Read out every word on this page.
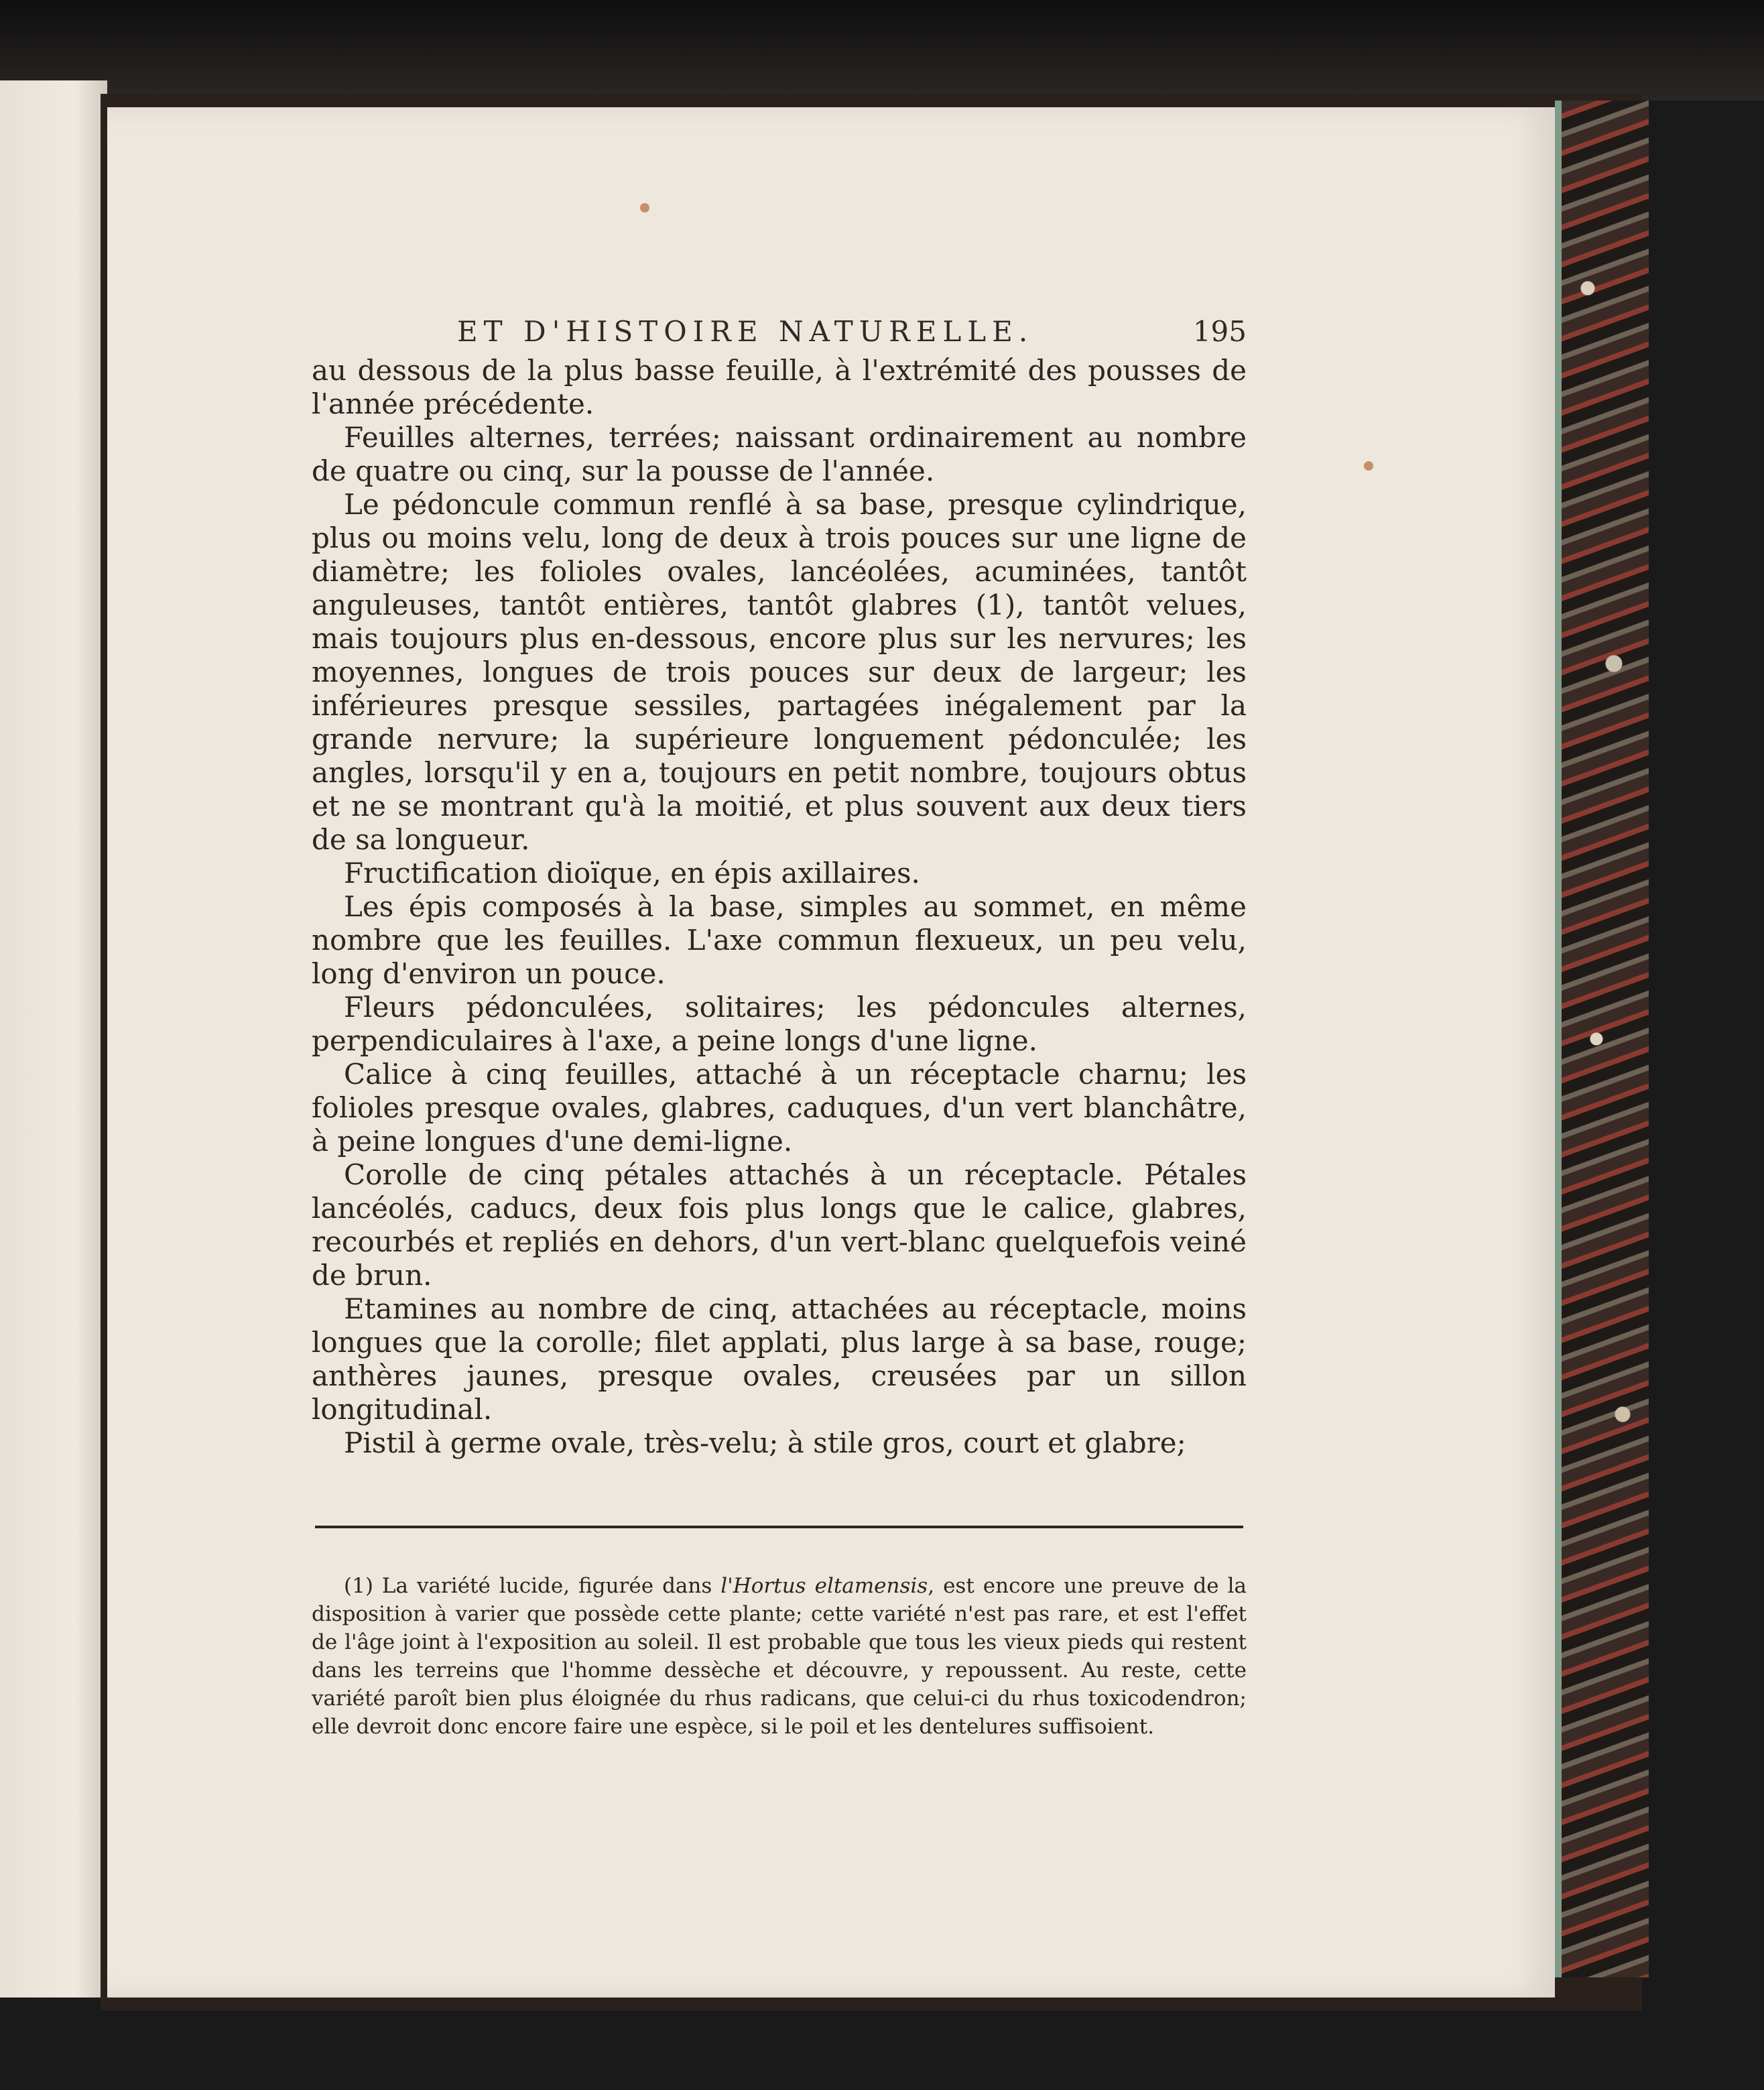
ET D'HISTOIRE NATURELLE.	195

au dessous de la plus basse feuille, à l'extrémité des pousses de l'année précédente.

Feuilles alternes, terrées; naissant ordinairement au nombre de quatre ou cinq, sur la pousse de l'année.

Le pédoncule commun renflé à sa base, presque cylindrique, plus ou moins velu, long de deux à trois pouces sur une ligne de diamètre; les folioles ovales, lancéolées, acuminées, tantôt anguleuses, tantôt entières, tantôt glabres (1), tantôt velues, mais toujours plus en-dessous, encore plus sur les nervures; les moyennes, longues de trois pouces sur deux de largeur; les inférieures presque sessiles, partagées inégalement par la grande nervure; la supérieure longuement pédonculée; les angles, lorsqu'il y en a, toujours en petit nombre, toujours obtus et ne se montrant qu'à la moitié, et plus souvent aux deux tiers de sa longueur.

Fructification dioïque, en épis axillaires.

Les épis composés à la base, simples au sommet, en même nombre que les feuilles. L'axe commun flexueux, un peu velu, long d'environ un pouce.

Fleurs pédonculées, solitaires; les pédoncules alternes, perpendiculaires à l'axe, a peine longs d'une ligne.

Calice à cinq feuilles, attaché à un réceptacle charnu; les folioles presque ovales, glabres, caduques, d'un vert blanchâtre, à peine longues d'une demi-ligne.

Corolle de cinq pétales attachés à un réceptacle. Pétales lancéolés, caducs, deux fois plus longs que le calice, glabres, recourbés et repliés en dehors, d'un vert-blanc quelquefois veiné de brun.

Etamines au nombre de cinq, attachées au réceptacle, moins longues que la corolle; filet applati, plus large à sa base, rouge; anthères jaunes, presque ovales, creusées par un sillon longitudinal.

Pistil à germe ovale, très-velu; à stile gros, court et glabre;

(1) La variété lucide, figurée dans l'Hortus eltamensis, est encore une preuve de la disposition à varier que possède cette plante; cette variété n'est pas rare, et est l'effet de l'âge joint à l'exposition au soleil. Il est probable que tous les vieux pieds qui restent dans les terreins que l'homme dessèche et découvre, y repoussent. Au reste, cette variété paroît bien plus éloignée du rhus radicans, que celui-ci du rhus toxicodendron; elle devroit donc encore faire une espèce, si le poil et les dentelures suffisoient.
